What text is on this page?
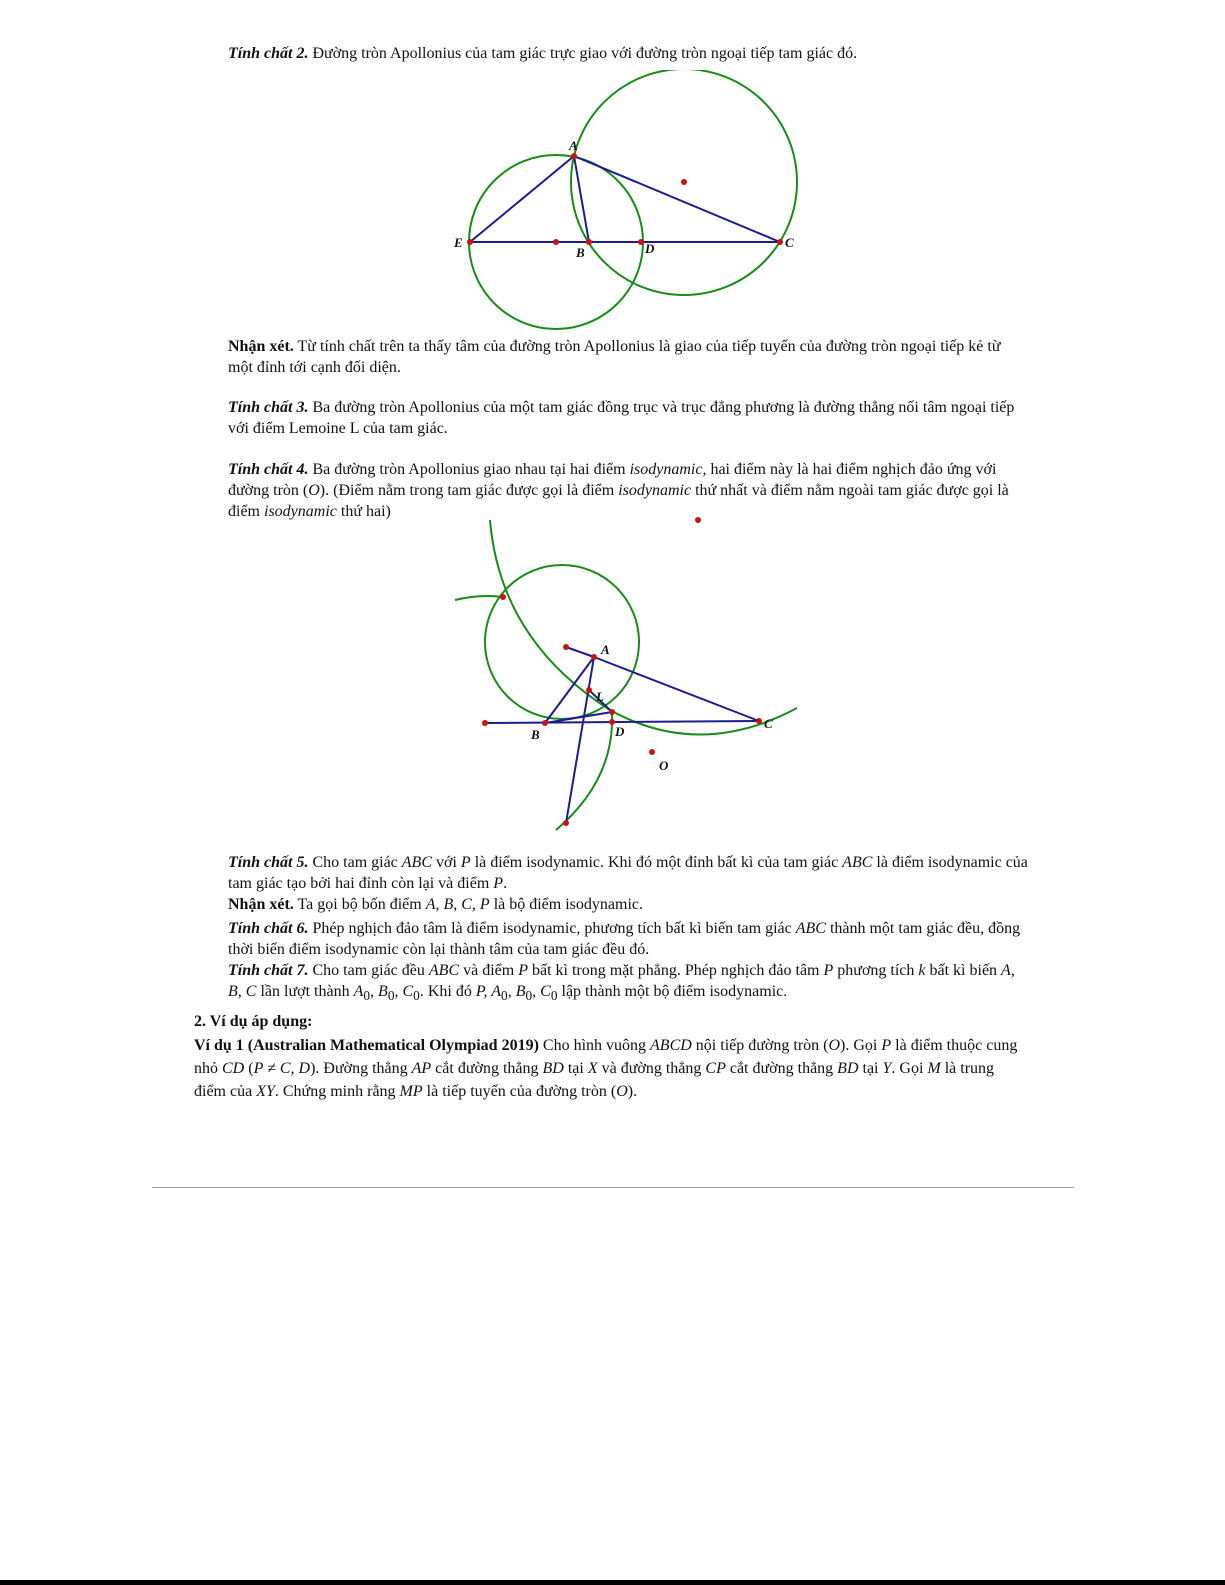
Tính chất 2. Đường tròn Apollonius của tam giác trực giao với đường tròn ngoại tiếp tam giác đó.

A
E
B	D	C

Nhận xét. Từ tính chất trên ta thấy tâm của đường tròn Apollonius là giao của tiếp tuyến của đường tròn ngoại tiếp kẻ từ một đỉnh tới cạnh đối diện.

Tính chất 3. Ba đường tròn Apollonius của một tam giác đồng trục và trục đẳng phương là đường thẳng nối tâm ngoại tiếp với điểm Lemoine L của tam giác.

Tính chất 4. Ba đường tròn Apollonius giao nhau tại hai điểm isodynamic, hai điểm này là hai điểm nghịch đảo ứng với đường tròn (O). (Điểm nằm trong tam giác được gọi là điểm isodynamic thứ nhất và điểm nằm ngoài tam giác được gọi là điểm isodynamic thứ hai)

A
L
B	D
C
O

Tính chất 5. Cho tam giác ABC với P là điểm isodynamic. Khi đó một đỉnh bất kì của tam giác ABC là điểm isodynamic của tam giác tạo bởi hai đỉnh còn lại và điểm P.

Nhận xét. Ta gọi bộ bốn điểm A, B, C, P là bộ điểm isodynamic.

Tính chất 6. Phép nghịch đảo tâm là điểm isodynamic, phương tích bất kì biến tam giác ABC thành một tam giác đều, đồng thời biến điểm isodynamic còn lại thành tâm của tam giác đều đó.

Tính chất 7. Cho tam giác đều ABC và điểm P bất kì trong mặt phẳng. Phép nghịch đảo tâm P phương tích k bất kì biến A, B, C lần lượt thành $A_0$, $B_0$, $C_0$. Khi đó P, $A_0$, $B_0$, $C_0$ lập thành một bộ điểm isodynamic.

2. Ví dụ áp dụng:

Ví dụ 1 (Australian Mathematical Olympiad 2019) Cho hình vuông ABCD nội tiếp đường tròn (O). Gọi P là điểm thuộc cung nhỏ CD (P ≠ C, D). Đường thẳng AP cắt đường thẳng BD tại X và đường thẳng CP cắt đường thẳng BD tại Y. Gọi M là trung điểm của XY. Chứng minh rằng MP là tiếp tuyến của đường tròn (O).
